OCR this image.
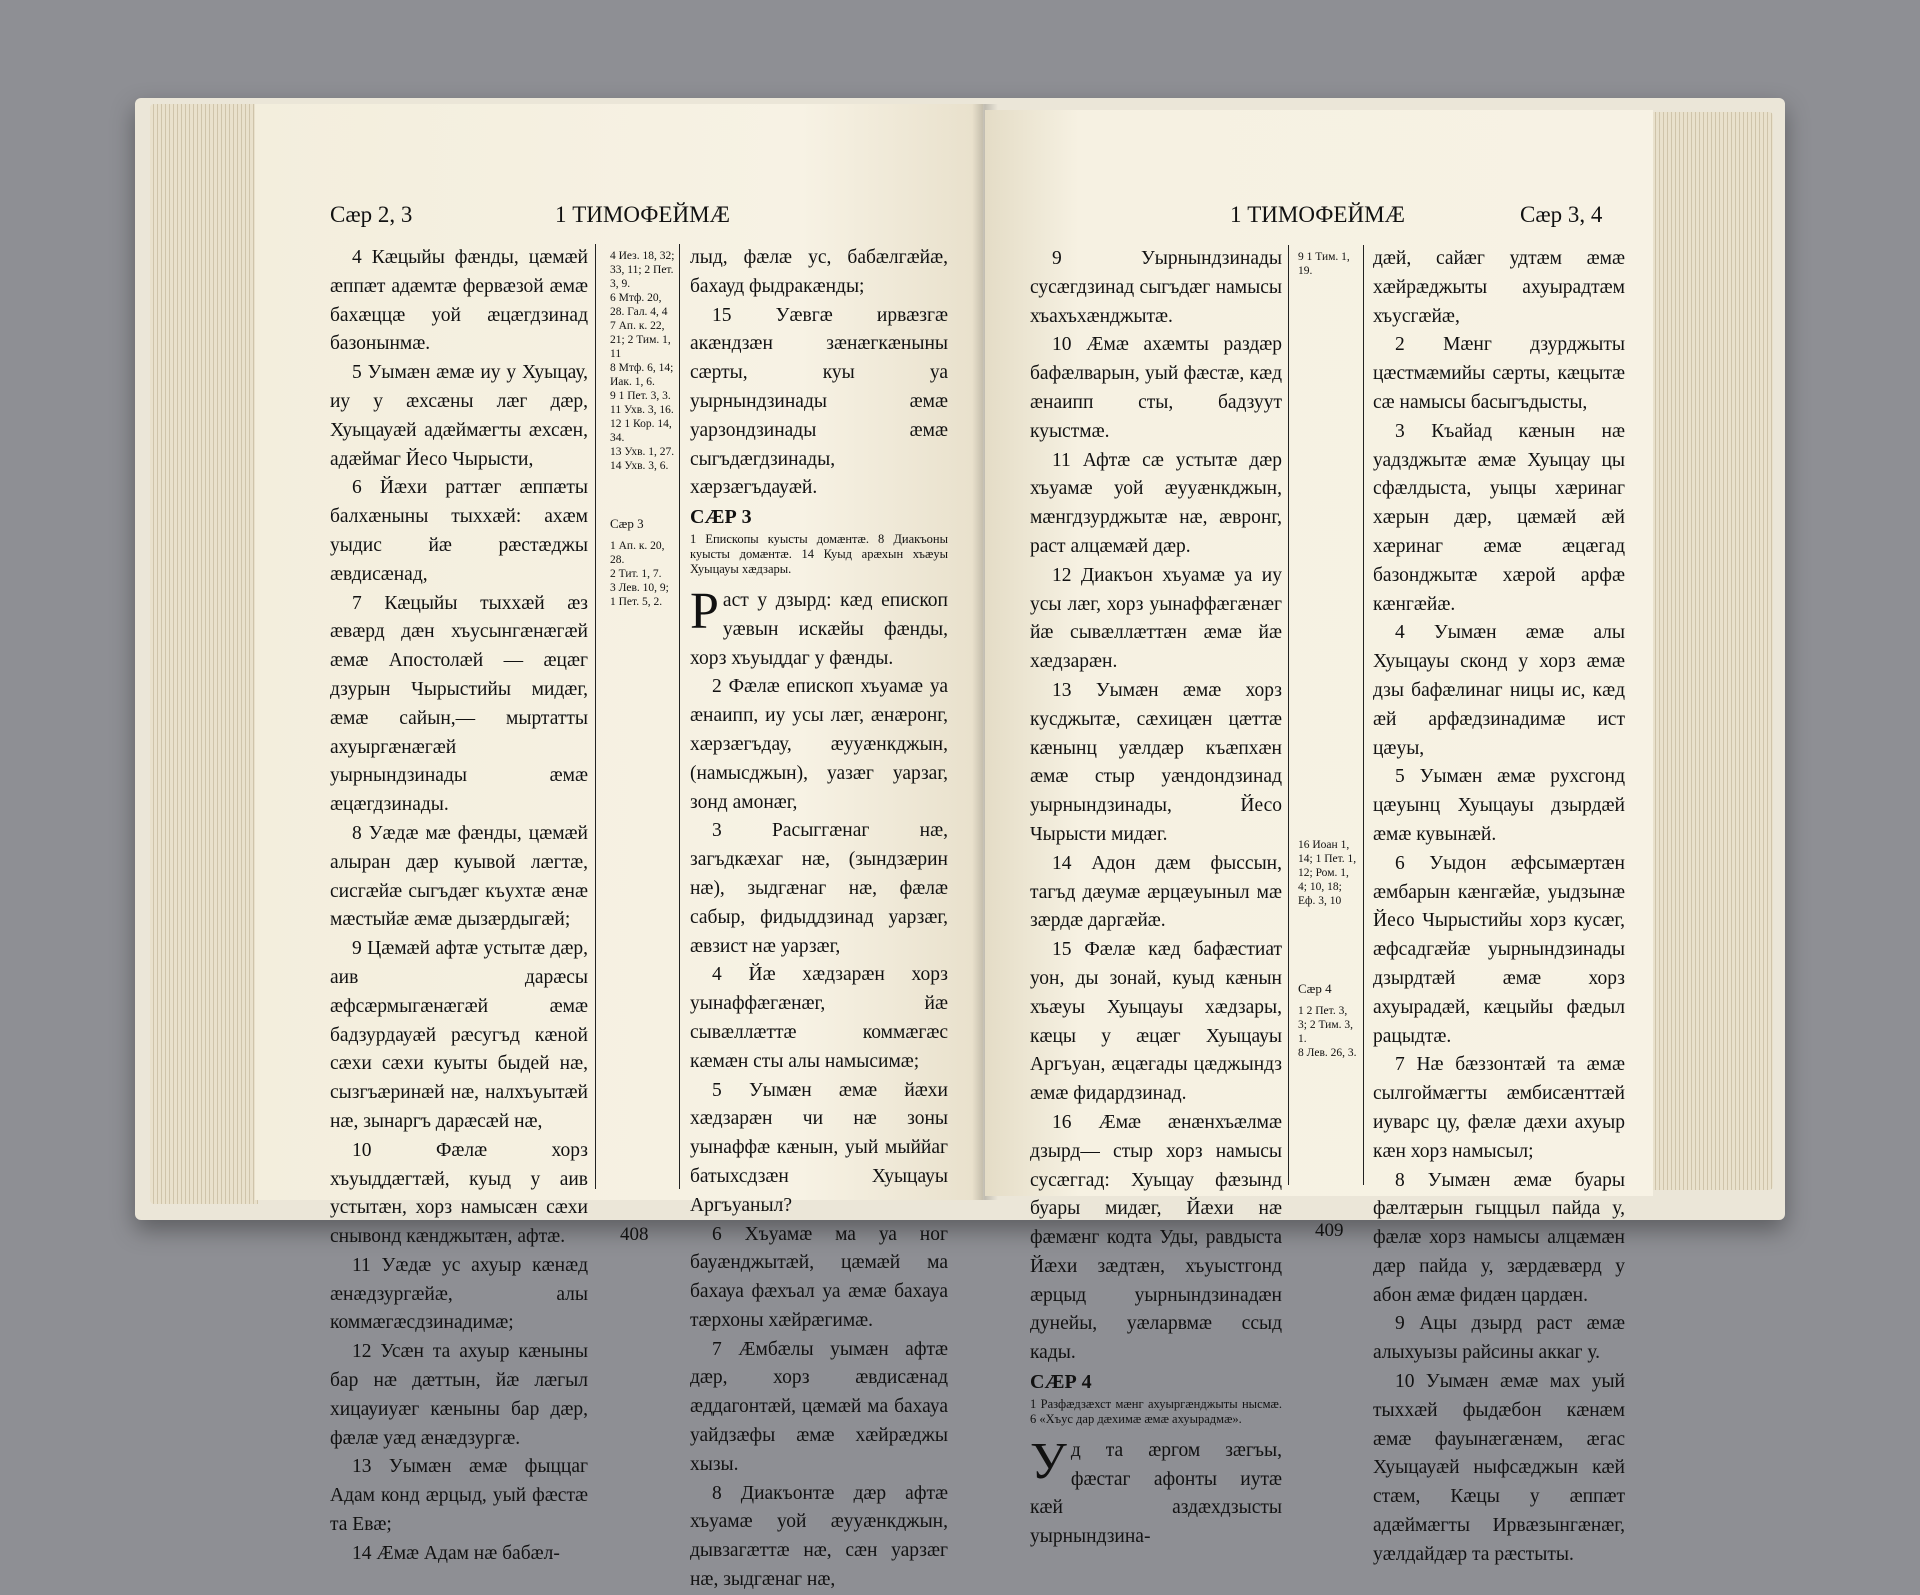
Сæр 2, 3	1 ТИМОФЕЙМÆ

4 Кæцыйы фæнды, цæмæй æппæт адæмтæ фервæзой æмæ бахæццæ уой æцæгдзинад базонынмæ.

5 Уымæн æмæ иу у Хуыцау, иу у æхсæны лæг дæр, Хуыцауæй адæймæгты æхсæн, адæймаг Йесо Чырысти,

6 Йæхи раттæг æппæты балхæныны тыххæй: ахæм уыдис йæ рæстæджы æвдисæнад,

7 Кæцыйы тыххæй æз æвæрд дæн хъусынгæнæгæй æмæ Апостолæй — æцæг дзурын Чырыстийы мидæг, æмæ сайын,— мыртатты ахуыргæнæгæй уырнындзинады æмæ æцæгдзинады.

8 Уæдæ мæ фæнды, цæмæй алыран дæр куывой лæгтæ, сисгæйæ сыгъдæг къухтæ æнæ мæстыйæ æмæ дызæрдыгæй;

9 Цæмæй афтæ устытæ дæр, аив дарæсы æфсæрмыгæнæгæй æмæ бадзурдауæй рæсугъд кæной сæхи сæхи куыты быдей нæ, сызгъæринæй нæ, налхъуытæй нæ, зынаргъ дарæсæй нæ,

10 Фæлæ хорз хъуыддæгтæй, куыд у аив устытæн, хорз намысæн сæхи снывонд кæнджытæн, афтæ.

11 Уæдæ ус ахуыр кæнæд æнæдзургæйæ, алы коммæгæсдзинадимæ;

12 Усæн та ахуыр кæныны бар нæ дæттын, йæ лæгыл хицауиуæг кæныны бар дæр, фæлæ уæд æнæдзургæ.

13 Уымæн æмæ фыццаг Адам конд æрцыд, уый фæстæ та Евæ;

14 Æмæ Адам нæ бабæл-

4 Иез. 18, 32; 33, 11; 2 Пет. 3, 9.
6 Мтф. 20, 28. Гал. 4, 4
7 Ап. к. 22, 21; 2 Тим. 1, 11
8 Мтф. 6, 14; Иак. 1, 6.
9 1 Пет. 3, 3.
11 Ухв. 3, 16.
12 1 Кор. 14, 34.
13 Ухв. 1, 27.
14 Ухв. 3, 6.
Сæр 3
1 Ап. к. 20, 28.
2 Тит. 1, 7.
3 Лев. 10, 9; 1 Пет. 5, 2.

лыд, фæлæ ус, бабæлгæйæ, бахауд фыдракæнды;

15 Уæвгæ ирвæзгæ акæндзæн зæнæгкæныны сæрты, куы уа уырнындзинады æмæ уарзондзинады æмæ сыгъдæгдзинады, хæрзæгъдауæй.

СÆР 3

1 Епископы куысты домæнтæ. 8 Диакъоны куысты домæнтæ. 14 Куыд арæхын хъæуы Хуыцауы хæдзары.

Раст у дзырд: кæд епископ уæвын искæйы фæнды, хорз хъуыддаг у фæнды.

2 Фæлæ епископ хъуамæ уа æнаипп, иу усы лæг, æнæронг, хæрзæгъдау, æууæнкджын, (намысджын), уазæг уарзаг, зонд амонæг,

3 Расыггæнаг нæ, загъдкæхаг нæ, (зындзæрин нæ), зыдгæнаг нæ, фæлæ сабыр, фидыддзинад уарзæг, æвзист нæ уарзæг,

4 Йæ хæдзарæн хорз уынаффæгæнæг, йæ сывæллæттæ коммæгæс кæмæн сты алы намысимæ;

5 Уымæн æмæ йæхи хæдзарæн чи нæ зоны уынаффæ кæнын, уый мыййаг батыхсдзæн Хуыцауы Аргъуаныл?

6 Хъуамæ ма уа ног бауæнджытæй, цæмæй ма бахауа фæхъал уа æмæ бахауа тæрхоны хæйрæгимæ.

7 Æмбæлы уымæн афтæ дæр, хорз æвдисæнад æддагонтæй, цæмæй ма бахауа уайдзæфы æмæ хæйрæджы хызы.

8 Диакъонтæ дæр афтæ хъуамæ уой æууæнкджын, дывзагæттæ нæ, сæн уарзæг нæ, зыдгæнаг нæ,

408
1 ТИМОФЕЙМÆ	Сæр 3, 4

9 Уырнындзинады сусæгдзинад сыгъдæг намысы хъахъхæнджытæ.

10 Æмæ ахæмты раздæр бафæлварын, уый фæстæ, кæд æнаипп сты, бадзуут куыстмæ.

11 Афтæ сæ устытæ дæр хъуамæ уой æууæнкджын, мæнгдзурджытæ нæ, æвронг, раст алцæмæй дæр.

12 Диакъон хъуамæ уа иу усы лæг, хорз уынаффæгæнæг йæ сывæллæттæн æмæ йæ хæдзарæн.

13 Уымæн æмæ хорз кусджытæ, сæхицæн цæттæ кæнынц уæлдæр къæпхæн æмæ стыр уæндондзинад уырнындзинады, Йесо Чырысти мидæг.

14 Адон дæм фыссын, тагъд дæумæ æрцæуыныл мæ зæрдæ даргæйæ.

15 Фæлæ кæд бафæстиат уон, ды зонай, куыд кæнын хъæуы Хуыцауы хæдзары, кæцы у æцæг Хуыцауы Аргъуан, æцæгады цæджындз æмæ фидардзинад.

16 Æмæ æнæнхъæлмæ дзырд— стыр хорз намысы сусæггад: Хуыцау фæзынд буары мидæг, Йæхи нæ фæмæнг кодта Уды, равдыста Йæхи зæдтæн, хъуыстгонд æрцыд уырнындзинадæн дунейы, уæларвмæ ссыд кады.

СÆР 4

1 Разфæдзæхст мæнг ахуыргæнджыты нысмæ. 6 «Хъус дар дæхимæ æмæ ахуырадмæ».

Уд та æргом зæгъы, фæстаг афонты иутæ кæй аздæхдзысты уырнындзина-

9 1 Тим. 1, 19.
16 Иоан 1, 14; 1 Пет. 1, 12; Ром. 1, 4; 10, 18; Еф. 3, 10
Сæр 4
1 2 Пет. 3, 3; 2 Тим. 3, 1.
8 Лев. 26, 3.

дæй, сайæг удтæм æмæ хæйрæджыты ахуырадтæм хъусгæйæ,

2 Мæнг дзурджыты цæстмæмийы сæрты, кæцытæ сæ намысы басыгъдысты,

3 Къайад кæнын нæ уадзджытæ æмæ Хуыцау цы сфæлдыста, уыцы хæринаг хæрын дæр, цæмæй æй хæринаг æмæ æцæгад базонджытæ хæрой арфæ кæнгæйæ.

4 Уымæн æмæ алы Хуыцауы сконд у хорз æмæ дзы бафæлинаг ницы ис, кæд æй арфæдзинадимæ ист цæуы,

5 Уымæн æмæ рухсгонд цæуынц Хуыцауы дзырдæй æмæ кувынæй.

6 Уыдон æфсымæртæн æмбарын кæнгæйæ, уыдзынæ Йесо Чырыстийы хорз кусæг, æфсадгæйæ уырнындзинады дзырдтæй æмæ хорз ахуырадæй, кæцыйы фæдыл рацыдтæ.

7 Нæ бæззонтæй та æмæ сылгоймæгты æмбисæнттæй иуварс цу, фæлæ дæхи ахуыр кæн хорз намысыл;

8 Уымæн æмæ буары фæлтæрын гыццыл пайда у, фæлæ хорз намысы алцæмæн дæр пайда у, зæрдæвæрд у абон æмæ фидæн цардæн.

9 Ацы дзырд раст æмæ алыхуызы райсины аккаг у.

10 Уымæн æмæ мах уый тыххæй фыдæбон кæнæм æмæ фауынæгæнæм, æгас Хуыцауæй ныфсæджын кæй стæм, Кæцы у æппæт адæймæгты Ирвæзынгæнæг, уæлдайдæр та рæстыты.

409
